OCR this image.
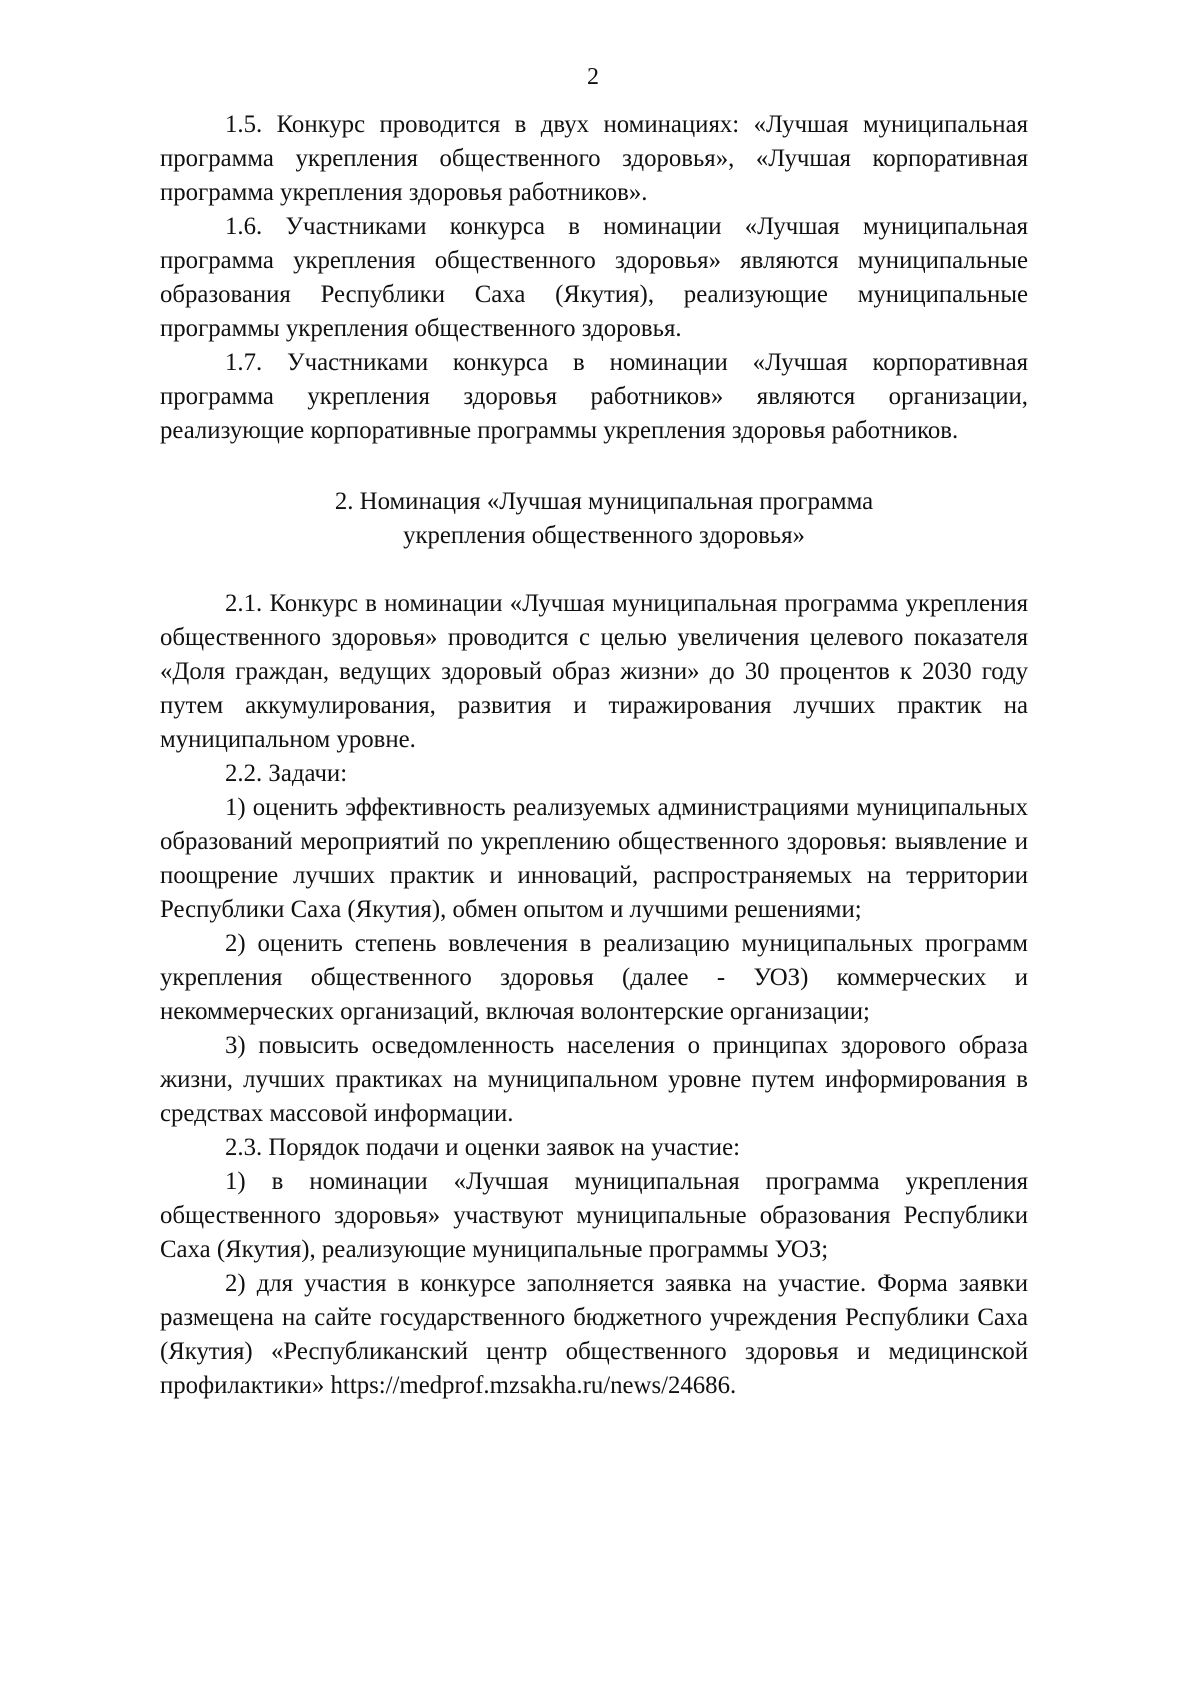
2

1.5. Конкурс проводится в двух номинациях: «Лучшая муниципальная программа укрепления общественного здоровья», «Лучшая корпоративная программа укрепления здоровья работников».

1.6. Участниками конкурса в номинации «Лучшая муниципальная программа укрепления общественного здоровья» являются муниципальные образования Республики Саха (Якутия), реализующие муниципальные программы укрепления общественного здоровья.

1.7. Участниками конкурса в номинации «Лучшая корпоративная программа укрепления здоровья работников» являются организации, реализующие корпоративные программы укрепления здоровья работников.

2. Номинация «Лучшая муниципальная программа
укрепления общественного здоровья»

2.1. Конкурс в номинации «Лучшая муниципальная программа укрепления общественного здоровья» проводится с целью увеличения целевого показателя «Доля граждан, ведущих здоровый образ жизни» до 30 процентов к 2030 году путем аккумулирования, развития и тиражирования лучших практик на муниципальном уровне.

2.2. Задачи:

1) оценить эффективность реализуемых администрациями муниципальных образований мероприятий по укреплению общественного здоровья: выявление и поощрение лучших практик и инноваций, распространяемых на территории Республики Саха (Якутия), обмен опытом и лучшими решениями;

2) оценить степень вовлечения в реализацию муниципальных программ укрепления общественного здоровья (далее - УОЗ) коммерческих и некоммерческих организаций, включая волонтерские организации;

3) повысить осведомленность населения о принципах здорового образа жизни, лучших практиках на муниципальном уровне путем информирования в средствах массовой информации.

2.3. Порядок подачи и оценки заявок на участие:

1) в номинации «Лучшая муниципальная программа укрепления общественного здоровья» участвуют муниципальные образования Республики Саха (Якутия), реализующие муниципальные программы УОЗ;

2) для участия в конкурсе заполняется заявка на участие. Форма заявки размещена на сайте государственного бюджетного учреждения Республики Саха (Якутия) «Республиканский центр общественного здоровья и медицинской профилактики» https://medprof.mzsakha.ru/news/24686.
